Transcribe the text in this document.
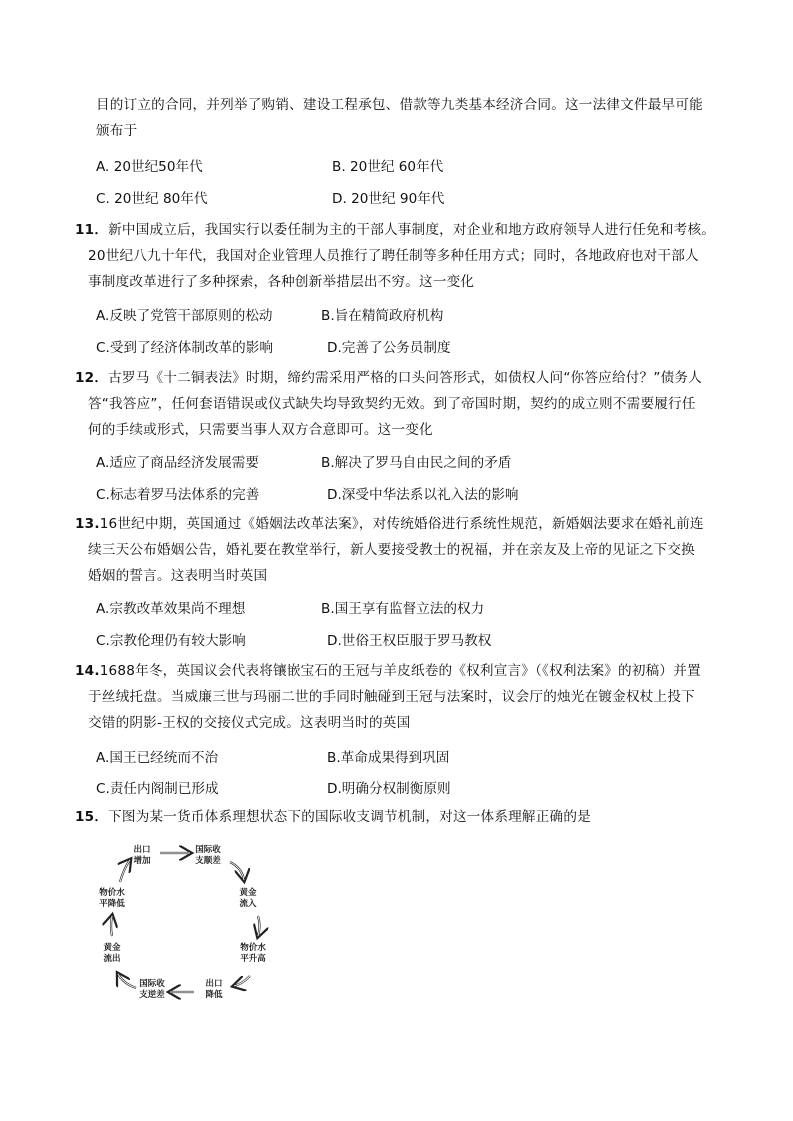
目的订立的合同，并列举了购销、建设工程承包、借款等九类基本经济合同。这一法律文件最早可能
颁布于
A. 20世纪50年代	B. 20世纪 60年代
C. 20世纪 80年代	D. 20世纪 90年代
11．新中国成立后，我国实行以委任制为主的干部人事制度，对企业和地方政府领导人进行任免和考核。
20世纪八九十年代，我国对企业管理人员推行了聘任制等多种任用方式；同时，各地政府也对干部人
事制度改革进行了多种探索，各种创新举措层出不穷。这一变化
A.反映了党管干部原则的松动	B.旨在精简政府机构
C.受到了经济体制改革的影响	D.完善了公务员制度
12．古罗马《十二铜表法》时期，缔约需采用严格的口头问答形式，如债权人问“你答应给付？”债务人
答“我答应”，任何套语错误或仪式缺失均导致契约无效。到了帝国时期，契约的成立则不需要履行任
何的手续或形式，只需要当事人双方合意即可。这一变化
A.适应了商品经济发展需要	B.解决了罗马自由民之间的矛盾
C.标志着罗马法体系的完善	D.深受中华法系以礼入法的影响
13.16世纪中期，英国通过《婚姻法改革法案》，对传统婚俗进行系统性规范，新婚姻法要求在婚礼前连
续三天公布婚姻公告，婚礼要在教堂举行，新人要接受教士的祝福，并在亲友及上帝的见证之下交换
婚姻的誓言。这表明当时英国
A.宗教改革效果尚不理想	B.国王享有监督立法的权力
C.宗教伦理仍有较大影响	D.世俗王权臣服于罗马教权
14.1688年冬，英国议会代表将镶嵌宝石的王冠与羊皮纸卷的《权利宣言》（《权利法案》的初稿）并置
于丝绒托盘。当威廉三世与玛丽二世的手同时触碰到王冠与法案时，议会厅的烛光在镀金权杖上投下
交错的阴影-王权的交接仪式完成。这表明当时的英国
A.国王已经统而不治	B.革命成果得到巩固
C.责任内阁制已形成	D.明确分权制衡原则
15．下图为某一货币体系理想状态下的国际收支调节机制，对这一体系理解正确的是
出口增加
国际收支顺差
黄金流入
物价水平升高
出口降低
国际收支逆差
黄金流出
物价水平降低
